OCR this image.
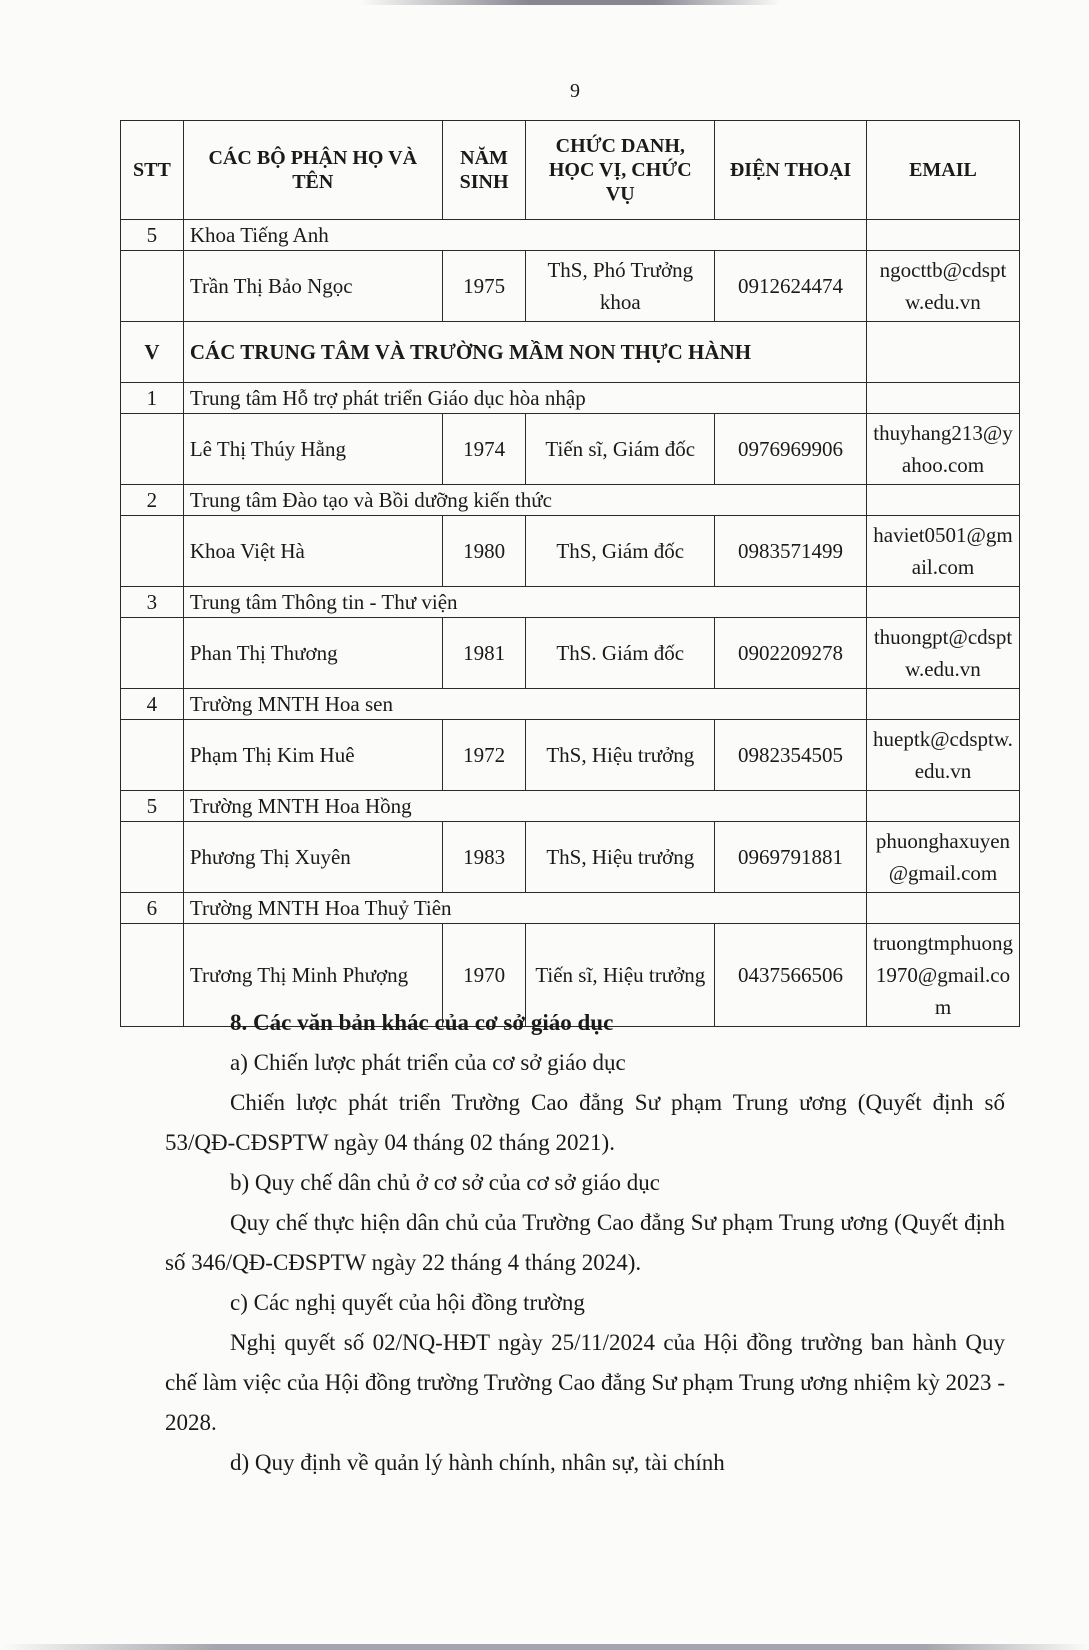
9
STT	CÁC BỘ PHẬN HỌ VÀ TÊN	NĂM SINH	CHỨC DANH, HỌC VỊ, CHỨC VỤ	ĐIỆN THOẠI	EMAIL
5	Khoa Tiếng Anh				
	Trần Thị Bảo Ngọc	1975	ThS, Phó Trưởng khoa	0912624474	ngocttb@cdsptw.edu.vn
V	CÁC TRUNG TÂM VÀ TRƯỜNG MẦM NON THỰC HÀNH				
1	Trung tâm Hỗ trợ phát triển Giáo dục hòa nhập				
	Lê Thị Thúy Hằng	1974	Tiến sĩ, Giám đốc	0976969906	thuyhang213@yahoo.com
2	Trung tâm Đào tạo và Bồi dưỡng kiến thức				
	Khoa Việt Hà	1980	ThS, Giám đốc	0983571499	haviet0501@gmail.com
3	Trung tâm Thông tin - Thư viện				
	Phan Thị Thương	1981	ThS. Giám đốc	0902209278	thuongpt@cdsptw.edu.vn
4	Trường MNTH Hoa sen				
	Phạm Thị Kim Huê	1972	ThS, Hiệu trưởng	0982354505	hueptk@cdsptw.edu.vn
5	Trường MNTH Hoa Hồng				
	Phương Thị Xuyên	1983	ThS, Hiệu trưởng	0969791881	phuonghaxuyen@gmail.com
6	Trường MNTH Hoa Thuỷ Tiên				
	Trương Thị Minh Phượng	1970	Tiến sĩ, Hiệu trưởng	0437566506	truongtmphuong1970@gmail.com
8. Các văn bản khác của cơ sở giáo dục
a) Chiến lược phát triển của cơ sở giáo dục
Chiến lược phát triển Trường Cao đẳng Sư phạm Trung ương (Quyết định số 53/QĐ-CĐSPTW ngày 04 tháng 02 tháng 2021).
b) Quy chế dân chủ ở cơ sở của cơ sở giáo dục
Quy chế thực hiện dân chủ của Trường Cao đẳng Sư phạm Trung ương (Quyết định số 346/QĐ-CĐSPTW ngày 22 tháng 4 tháng 2024).
c) Các nghị quyết của hội đồng trường
Nghị quyết số 02/NQ-HĐT ngày 25/11/2024 của Hội đồng trường ban hành Quy chế làm việc của Hội đồng trường Trường Cao đẳng Sư phạm Trung ương nhiệm kỳ 2023 - 2028.
d) Quy định về quản lý hành chính, nhân sự, tài chính
